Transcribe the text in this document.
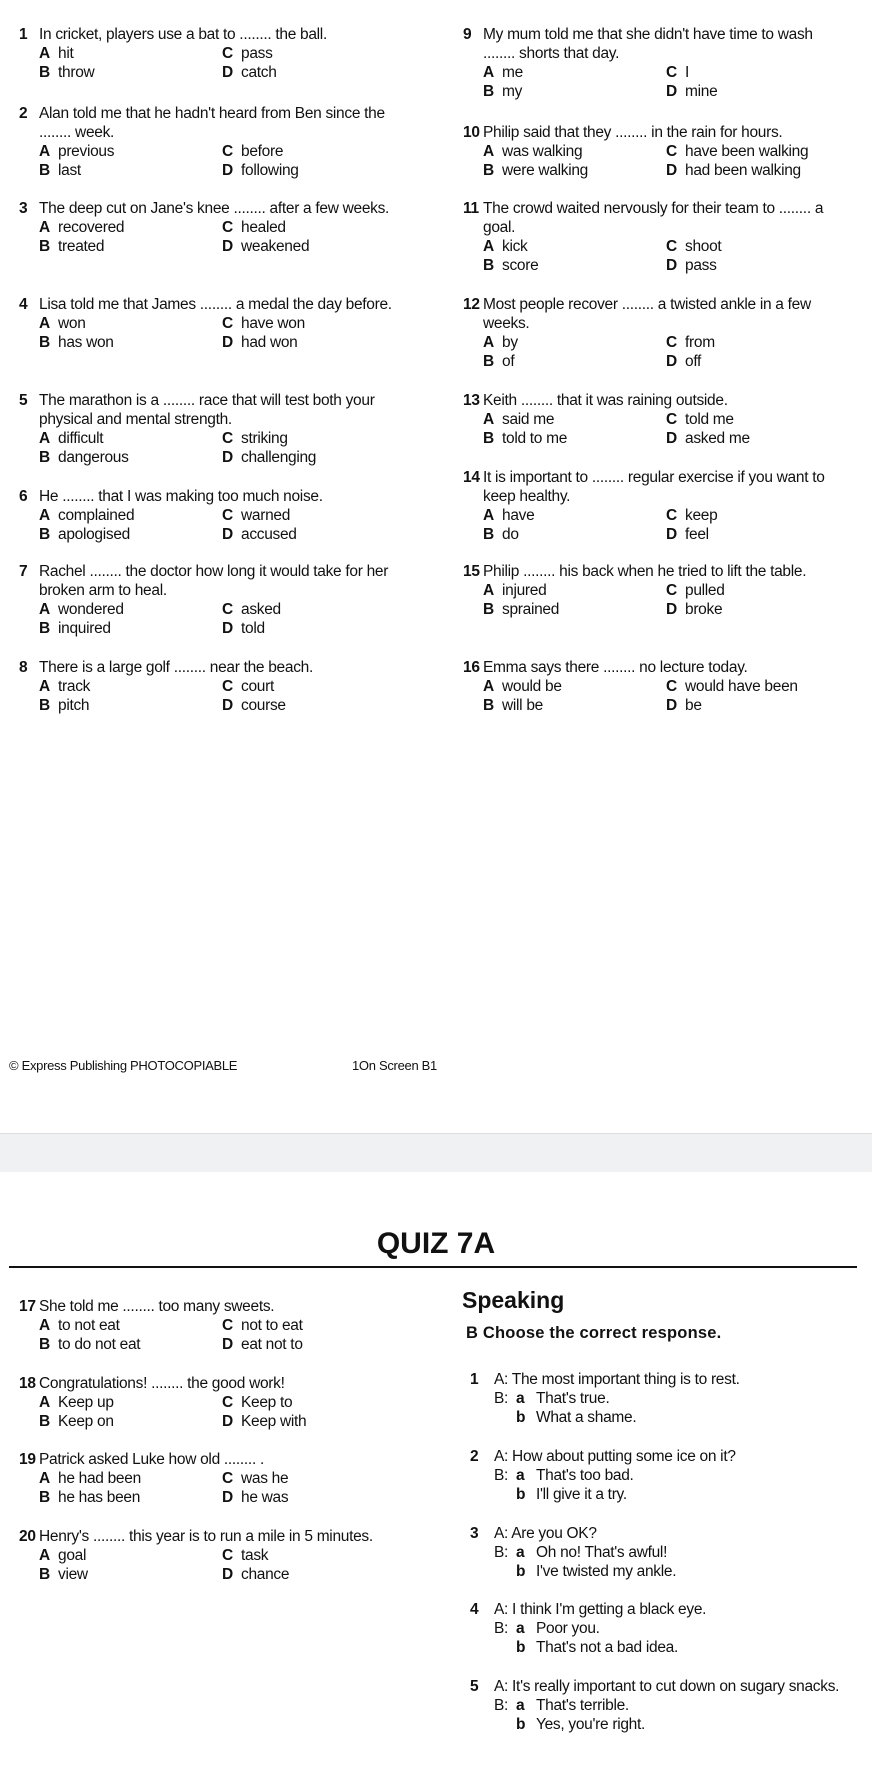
1 In cricket, players use a bat to ........ the ball.
A hit	C pass
B throw	D catch
2 Alan told me that he hadn't heard from Ben since the ........ week.
A previous	C before
B last	D following
3 The deep cut on Jane's knee ........ after a few weeks.
A recovered	C healed
B treated	D weakened
4 Lisa told me that James ........ a medal the day before.
A won	C have won
B has won	D had won
5 The marathon is a ........ race that will test both your physical and mental strength.
A difficult	C striking
B dangerous	D challenging
6 He ........ that I was making too much noise.
A complained	C warned
B apologised	D accused
7 Rachel ........ the doctor how long it would take for her broken arm to heal.
A wondered	C asked
B inquired	D told
8 There is a large golf ........ near the beach.
A track	C court
B pitch	D course
9 My mum told me that she didn't have time to wash ........ shorts that day.
A me	C I
B my	D mine
10 Philip said that they ........ in the rain for hours.
A was walking	C have been walking
B were walking	D had been walking
11 The crowd waited nervously for their team to ........ a goal.
A kick	C shoot
B score	D pass
12 Most people recover ........ a twisted ankle in a few weeks.
A by	C from
B of	D off
13 Keith ........ that it was raining outside.
A said me	C told me
B told to me	D asked me
14 It is important to ........ regular exercise if you want to keep healthy.
A have	C keep
B do	D feel
15 Philip ........ his back when he tried to lift the table.
A injured	C pulled
B sprained	D broke
16 Emma says there ........ no lecture today.
A would be	C would have been
B will be	D be
17 She told me ........ too many sweets.
A to not eat	C not to eat
B to do not eat	D eat not to
18 Congratulations! ........ the good work!
A Keep up	C Keep to
B Keep on	D Keep with
19 Patrick asked Luke how old ........ .
A he had been	C was he
B he has been	D he was
20 Henry's ........ this year is to run a mile in 5 minutes.
A goal	C task
B view	D chance
© Express Publishing PHOTOCOPIABLE	1On Screen B1
QUIZ 7A
Speaking
B Choose the correct response.
1 A: The most important thing is to rest.
B: a That's true.
b What a shame.
2 A: How about putting some ice on it?
B: a That's too bad.
b I'll give it a try.
3 A: Are you OK?
B: a Oh no! That's awful!
b I've twisted my ankle.
4 A: I think I'm getting a black eye.
B: a Poor you.
b That's not a bad idea.
5 A: It's really important to cut down on sugary snacks.
B: a That's terrible.
b Yes, you're right.
